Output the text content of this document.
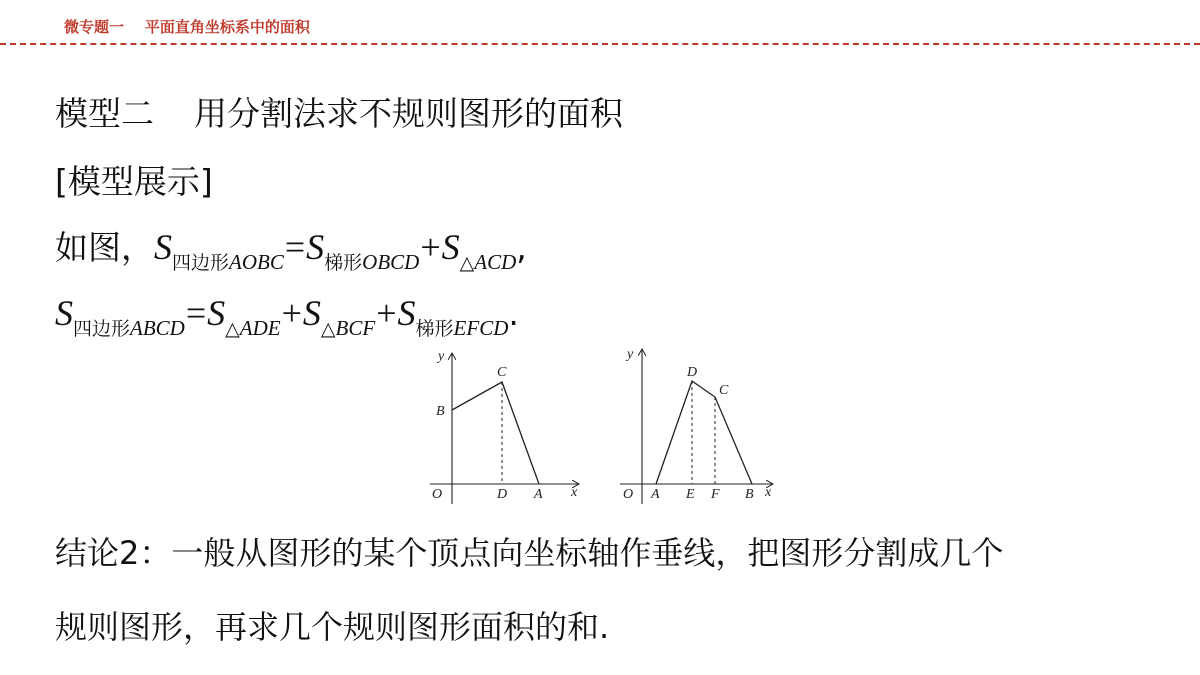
微专题一    平面直角坐标系中的面积
模型二 用分割法求不规则图形的面积
[模型展示]
如图，$S_{四边形AOBC}=S_{梯形OBCD}+S_{\triangle ACD}$,
$S_{四边形ABCD}=S_{\triangle ADE}+S_{\triangle BCF}+S_{梯形EFCD}$.
y
C
B
O	D A x
y
D
C
O A E F B x
结论2：一般从图形的某个顶点向坐标轴作垂线，把图形分割成几个
规则图形，再求几个规则图形面积的和.
